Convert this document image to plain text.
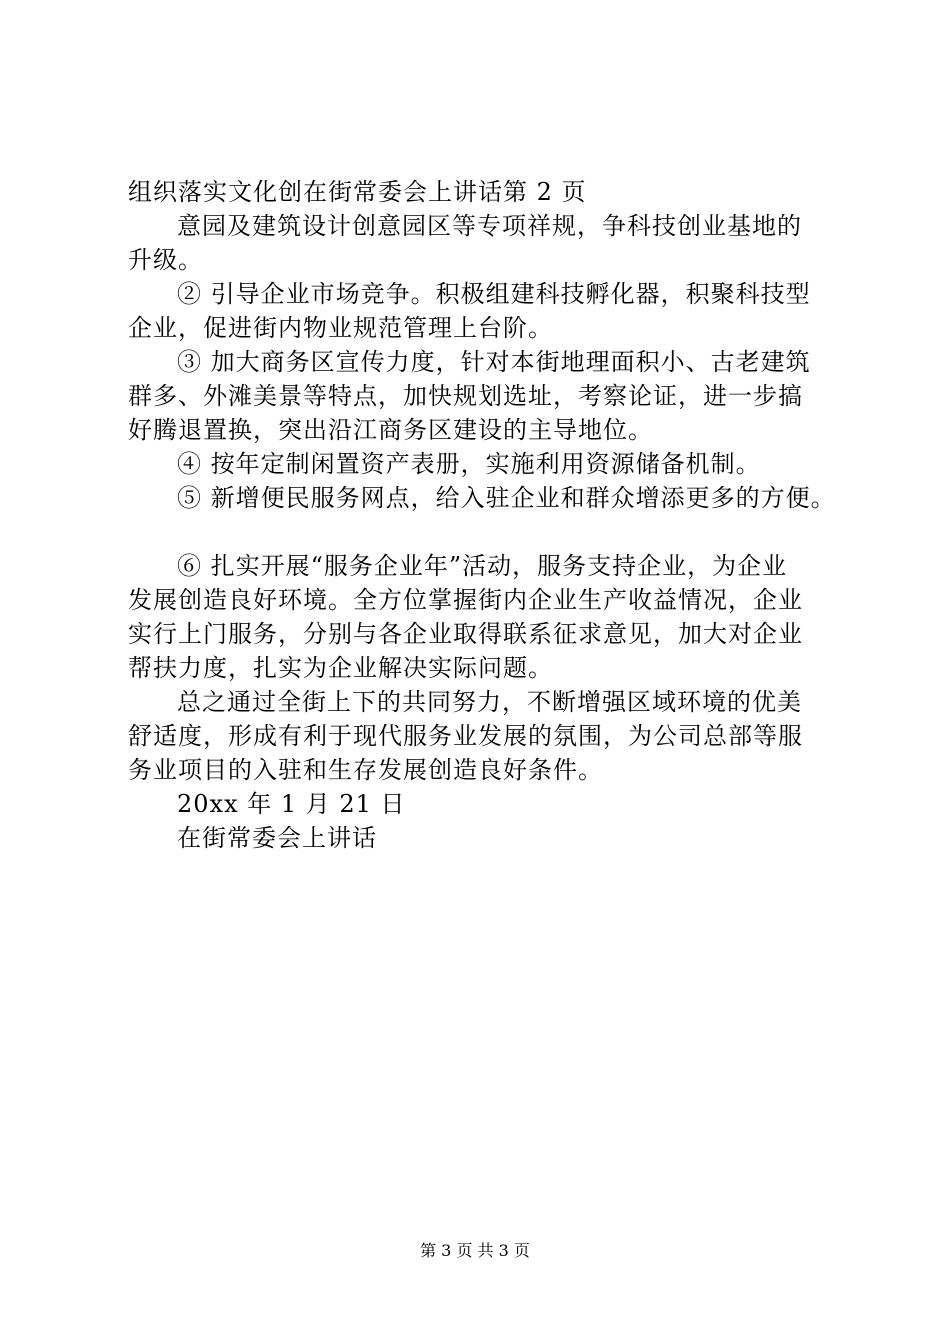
组织落实文化创在街常委会上讲话第 2 页
意园及建筑设计创意园区等专项祥规，争科技创业基地的
升级。
② 引导企业市场竞争。积极组建科技孵化器，积聚科技型
企业，促进街内物业规范管理上台阶。
③ 加大商务区宣传力度，针对本街地理面积小、古老建筑
群多、外滩美景等特点，加快规划选址，考察论证，进一步搞
好腾退置换，突出沿江商务区建设的主导地位。
④ 按年定制闲置资产表册，实施利用资源储备机制。
⑤ 新增便民服务网点，给入驻企业和群众增添更多的方便。
⑥ 扎实开展“服务企业年”活动，服务支持企业，为企业
发展创造良好环境。全方位掌握街内企业生产收益情况，企业
实行上门服务，分别与各企业取得联系征求意见，加大对企业
帮扶力度，扎实为企业解决实际问题。
总之通过全街上下的共同努力，不断增强区域环境的优美
舒适度，形成有利于现代服务业发展的氛围，为公司总部等服
务业项目的入驻和生存发展创造良好条件。
20xx 年 1 月 21 日
在街常委会上讲话
第 3 页 共 3 页
